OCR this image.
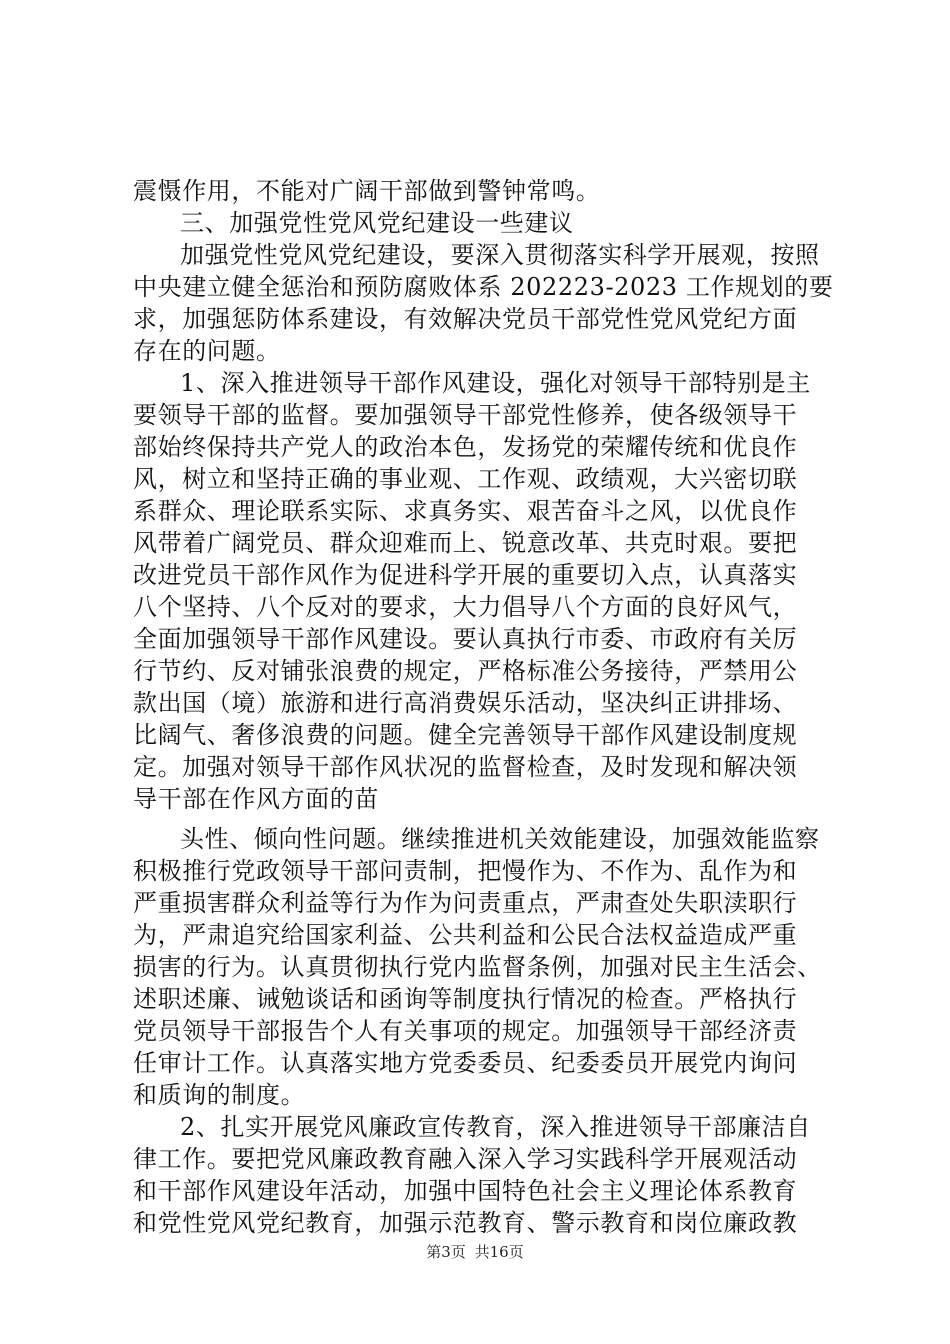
震慑作用，不能对广阔干部做到警钟常鸣。
三、加强党性党风党纪建设一些建议
加强党性党风党纪建设，要深入贯彻落实科学开展观，按照
中央建立健全惩治和预防腐败体系 202223-2023 工作规划的要
求，加强惩防体系建设，有效解决党员干部党性党风党纪方面
存在的问题。
1、深入推进领导干部作风建设，强化对领导干部特别是主
要领导干部的监督。要加强领导干部党性修养，使各级领导干
部始终保持共产党人的政治本色，发扬党的荣耀传统和优良作
风，树立和坚持正确的事业观、工作观、政绩观，大兴密切联
系群众、理论联系实际、求真务实、艰苦奋斗之风，以优良作
风带着广阔党员、群众迎难而上、锐意改革、共克时艰。要把
改进党员干部作风作为促进科学开展的重要切入点，认真落实
八个坚持、八个反对的要求，大力倡导八个方面的良好风气，
全面加强领导干部作风建设。要认真执行市委、市政府有关厉
行节约、反对铺张浪费的规定，严格标准公务接待，严禁用公
款出国（境）旅游和进行高消费娱乐活动，坚决纠正讲排场、
比阔气、奢侈浪费的问题。健全完善领导干部作风建设制度规
定。加强对领导干部作风状况的监督检查，及时发现和解决领
导干部在作风方面的苗
头性、倾向性问题。继续推进机关效能建设，加强效能监察
积极推行党政领导干部问责制，把慢作为、不作为、乱作为和
严重损害群众利益等行为作为问责重点，严肃查处失职渎职行
为，严肃追究给国家利益、公共利益和公民合法权益造成严重
损害的行为。认真贯彻执行党内监督条例，加强对民主生活会、
述职述廉、诫勉谈话和函询等制度执行情况的检查。严格执行
党员领导干部报告个人有关事项的规定。加强领导干部经济责
任审计工作。认真落实地方党委委员、纪委委员开展党内询问
和质询的制度。
2、扎实开展党风廉政宣传教育，深入推进领导干部廉洁自
律工作。要把党风廉政教育融入深入学习实践科学开展观活动
和干部作风建设年活动，加强中国特色社会主义理论体系教育
和党性党风党纪教育，加强示范教育、警示教育和岗位廉政教
第3页 共16页
